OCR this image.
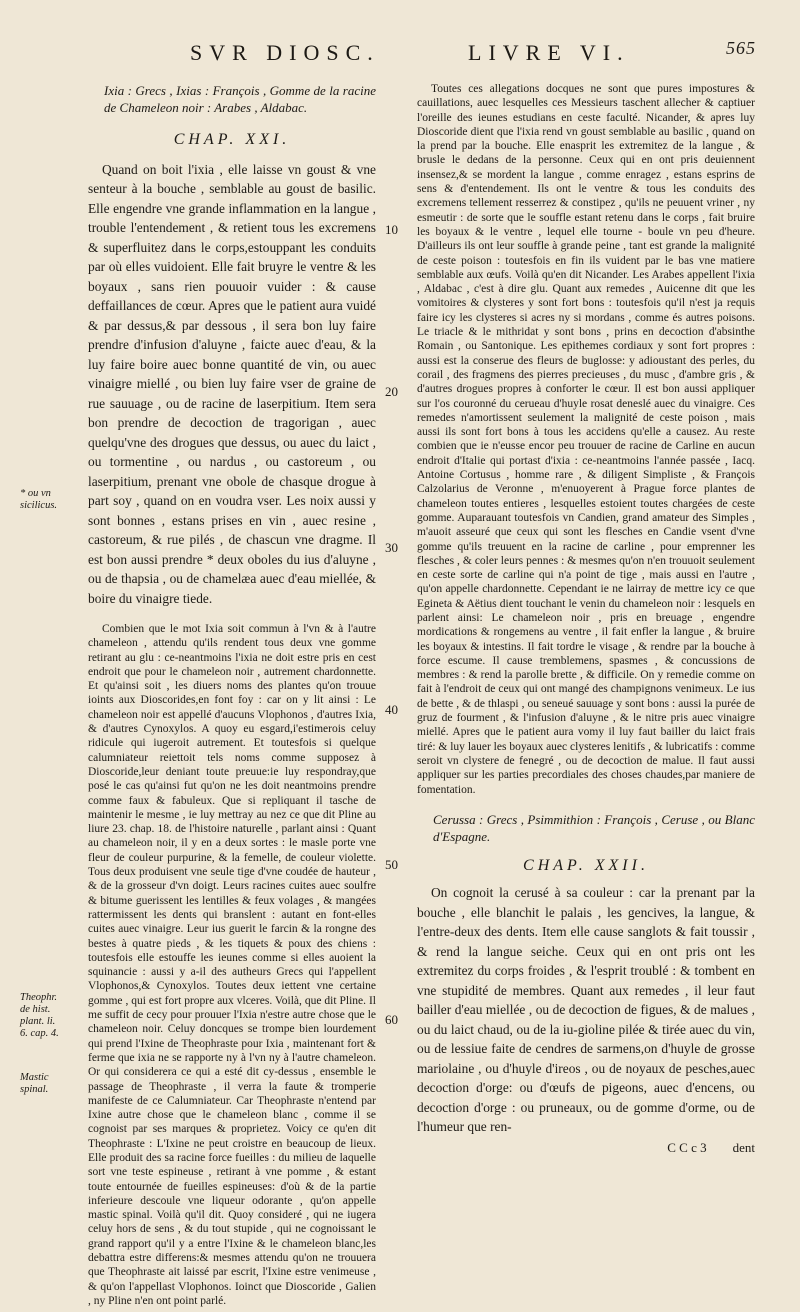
SVR DIOSC.	LIVRE VI.	565
* ou vn sicilicus.
Theophr. de hist. plant. li. 6. cap. 4.
Mastic spinal.
10
20
30
40
50
60

Ixia : Grecs , Ixias : François , Gomme de la racine de Chameleon noir : Arabes , Aldabac.

CHAP. XXI.

Quand on boit l'ixia , elle laisse vn goust & vne senteur à la bouche , semblable au goust de basilic. Elle engendre vne grande inflammation en la langue , trouble l'entendement , & retient tous les excremens & superfluitez dans le corps,estouppant les conduits par où elles vuidoient. Elle fait bruyre le ventre & les boyaux , sans rien pouuoir vuider : & cause deffaillances de cœur. Apres que le patient aura vuidé & par dessus,& par dessous , il sera bon luy faire prendre d'infusion d'aluyne , faicte auec d'eau, & la luy faire boire auec bonne quantité de vin, ou auec vinaigre miellé , ou bien luy faire vser de graine de rue sauuage , ou de racine de laserpitium. Item sera bon prendre de decoction de tragorigan , auec quelqu'vne des drogues que dessus, ou auec du laict , ou tormentine , ou nardus , ou castoreum , ou laserpitium, prenant vne obole de chasque drogue à part soy , quand on en voudra vser. Les noix aussi y sont bonnes , estans prises en vin , auec resine , castoreum, & rue pilés , de chascun vne dragme. Il est bon aussi prendre * deux oboles du ius d'aluyne , ou de thapsia , ou de chamelæa auec d'eau miellée, & boire du vinaigre tiede.

Combien que le mot Ixia soit commun à l'vn & à l'autre chameleon , attendu qu'ils rendent tous deux vne gomme retirant au glu : ce-neantmoins l'ixia ne doit estre pris en cest endroit que pour le chameleon noir , autrement chardonnette. Et qu'ainsi soit , les diuers noms des plantes qu'on trouue ioints aux Dioscorides,en font foy : car on y lit ainsi : Le chameleon noir est appellé d'aucuns Vlophonos , d'autres Ixia, & d'autres Cynoxylos. A quoy eu esgard,i'estimerois celuy ridicule qui iugeroit autrement. Et toutesfois si quelque calumniateur reiettoit tels noms comme supposez à Dioscoride,leur deniant toute preuue:ie luy respondray,que posé le cas qu'ainsi fut qu'on ne les doit neantmoins prendre comme faux & fabuleux. Que si repliquant il tasche de maintenir le mesme , ie luy mettray au nez ce que dit Pline au liure 23. chap. 18. de l'histoire naturelle , parlant ainsi : Quant au chameleon noir, il y en a deux sortes : le masle porte vne fleur de couleur purpurine, & la femelle, de couleur violette. Tous deux produisent vne seule tige d'vne coudée de hauteur , & de la grosseur d'vn doigt. Leurs racines cuites auec soulfre & bitume guerissent les lentilles & feux volages , & mangées rattermissent les dents qui branslent : autant en font-elles cuites auec vinaigre. Leur ius guerit le farcin & la rongne des bestes à quatre pieds , & les tiquets & poux des chiens : toutesfois elle estouffe les ieunes comme si elles auoient la squinancie : aussi y a-il des autheurs Grecs qui l'appellent Vlophonos,& Cynoxylos. Toutes deux iettent vne certaine gomme , qui est fort propre aux vlceres. Voilà, que dit Pline. Il me suffit de cecy pour prouuer l'Ixia n'estre autre chose que le chameleon noir. Celuy doncques se trompe bien lourdement qui prend l'Ixine de Theophraste pour Ixia , maintenant fort & ferme que ixia ne se rapporte ny à l'vn ny à l'autre chameleon. Or qui considerera ce qui a esté dit cy-dessus , ensemble le passage de Theophraste , il verra la faute & tromperie manifeste de ce Calumniateur. Car Theophraste n'entend par Ixine autre chose que le chameleon blanc , comme il se cognoist par ses marques & proprietez. Voicy ce qu'en dit Theophraste : L'Ixine ne peut croistre en beaucoup de lieux. Elle produit des sa racine force fueilles : du milieu de laquelle sort vne teste espineuse , retirant à vne pomme , & estant toute entournée de fueilles espineuses: d'où & de la partie inferieure descoule vne liqueur odorante , qu'on appelle mastic spinal. Voilà qu'il dit. Quoy consideré , qui ne iugera celuy hors de sens , & du tout stupide , qui ne cognoissant le grand rapport qu'il y a entre l'Ixine & le chameleon blanc,les debattra estre differens:& mesmes attendu qu'on ne trouuera que Theophraste ait laissé par escrit, l'Ixine estre venimeuse , & qu'on l'appellast Vlophonos. Ioinct que Dioscoride , Galien , ny Pline n'en ont point parlé.

Toutes ces allegations docques ne sont que pures impostures & cauillations, auec lesquelles ces Messieurs taschent allecher & captiuer l'oreille des ieunes estudians en ceste faculté. Nicander, & apres luy Dioscoride dient que l'ixia rend vn goust semblable au basilic , quand on la prend par la bouche. Elle enasprit les extremitez de la langue , & brusle le dedans de la personne. Ceux qui en ont pris deuiennent insensez,& se mordent la langue , comme enragez , estans esprins de sens & d'entendement. Ils ont le ventre & tous les conduits des excremens tellement resserrez & constipez , qu'ils ne peuuent vriner , ny esmeutir : de sorte que le souffle estant retenu dans le corps , fait bruire les boyaux & le ventre , lequel elle tourne - boule vn peu d'heure. D'ailleurs ils ont leur souffle à grande peine , tant est grande la malignité de ceste poison : toutesfois en fin ils vuident par le bas vne matiere semblable aux œufs. Voilà qu'en dit Nicander. Les Arabes appellent l'ixia , Aldabac , c'est à dire glu. Quant aux remedes , Auicenne dit que les vomitoires & clysteres y sont fort bons : toutesfois qu'il n'est ja requis faire icy les clysteres si acres ny si mordans , comme és autres poisons. Le triacle & le mithridat y sont bons , prins en decoction d'absinthe Romain , ou Santonique. Les epithemes cordiaux y sont fort propres : aussi est la conserue des fleurs de buglosse: y adioustant des perles, du corail , des fragmens des pierres precieuses , du musc , d'ambre gris , & d'autres drogues propres à conforter le cœur. Il est bon aussi appliquer sur l'os couronné du cerueau d'huyle rosat deneslé auec du vinaigre. Ces remedes n'amortissent seulement la malignité de ceste poison , mais aussi ils sont fort bons à tous les accidens qu'elle a causez. Au reste combien que ie n'eusse encor peu trouuer de racine de Carline en aucun endroit d'Italie qui portast d'ixia : ce-neantmoins l'année passée , Iacq. Antoine Cortusus , homme rare , & diligent Simpliste , & François Calzolarius de Veronne , m'enuoyerent à Prague force plantes de chameleon toutes entieres , lesquelles estoient toutes chargées de ceste gomme. Auparauant toutesfois vn Candien, grand amateur des Simples , m'auoit asseuré que ceux qui sont les flesches en Candie vsent d'vne gomme qu'ils treuuent en la racine de carline , pour emprenner les flesches , & coler leurs pennes : & mesmes qu'on n'en trouuoit seulement en ceste sorte de carline qui n'a point de tige , mais aussi en l'autre , qu'on appelle chardonnette. Cependant ie ne lairray de mettre icy ce que Egineta & Aëtius dient touchant le venin du chameleon noir : lesquels en parlent ainsi: Le chameleon noir , pris en breuage , engendre mordications & rongemens au ventre , il fait enfler la langue , & bruire les boyaux & intestins. Il fait tordre le visage , & rendre par la bouche à force escume. Il cause tremblemens, spasmes , & concussions de membres : & rend la parolle brette , & difficile. On y remedie comme on fait à l'endroit de ceux qui ont mangé des champignons venimeux. Le ius de bette , & de thlaspi , ou seneué sauuage y sont bons : aussi la purée de gruz de fourment , & l'infusion d'aluyne , & le nitre pris auec vinaigre miellé. Apres que le patient aura vomy il luy faut bailler du laict frais tiré: & luy lauer les boyaux auec clysteres lenitifs , & lubricatifs : comme seroit vn clystere de fenegré , ou de decoction de malue. Il faut aussi appliquer sur les parties precordiales des choses chaudes,par maniere de fomentation.

Cerussa : Grecs , Psimmithion : François , Ceruse , ou Blanc d'Espagne.

CHAP. XXII.

On cognoit la cerusé à sa couleur : car la prenant par la bouche , elle blanchit le palais , les gencives, la langue, & l'entre-deux des dents. Item elle cause sanglots & fait toussir , & rend la langue seiche. Ceux qui en ont pris ont les extremitez du corps froides , & l'esprit troublé : & tombent en vne stupidité de membres. Quant aux remedes , il leur faut bailler d'eau miellée , ou de decoction de figues, & de malues , ou du laict chaud, ou de la iu-gioline pilée & tirée auec du vin, ou de lessiue faite de cendres de sarmens,on d'huyle de grosse mariolaine , ou d'huyle d'ireos , ou de noyaux de pesches,auec decoction d'orge: ou d'œufs de pigeons, auec d'encens, ou decoction d'orge : ou pruneaux, ou de gomme d'orme, ou de l'humeur que ren-

C C c 3 dent
